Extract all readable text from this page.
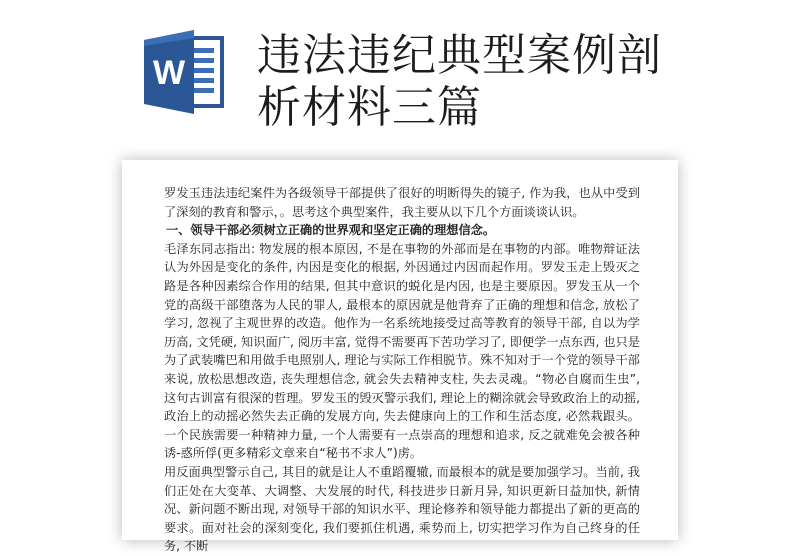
W 违法违纪典型案例剖析材料三篇

罗发玉违法违纪案件为各级领导干部提供了很好的明断得失的镜子, 作为我，也从中受到了深刻的教育和警示，。思考这个典型案件，我主要从以下几个方面谈谈认识。

一、领导干部必须树立正确的世界观和坚定正确的理想信念。

毛泽东同志指出: 物发展的根本原因, 不是在事物的外部而是在事物的内部。唯物辩证法认为外因是变化的条件, 内因是变化的根据, 外因通过内因而起作用。罗发玉走上毁灭之路是各种因素综合作用的结果, 但其中意识的蜕化是内因, 也是主要原因。罗发玉从一个党的高级干部堕落为人民的罪人, 最根本的原因就是他背弃了正确的理想和信念, 放松了学习, 忽视了主观世界的改造。他作为一名系统地接受过高等教育的领导干部, 自以为学历高, 文凭硬, 知识面广, 阅历丰富, 觉得不需要再下苦功学习了, 即便学一点东西, 也只是为了武装嘴巴和用做手电照别人, 理论与实际工作相脱节。殊不知对于一个党的领导干部来说, 放松思想改造, 丧失理想信念, 就会失去精神支柱, 失去灵魂。“物必自腐而生虫”, 这句古训富有很深的哲理。罗发玉的毁灭警示我们, 理论上的糊涂就会导致政治上的动摇, 政治上的动摇必然失去正确的发展方向, 失去健康向上的工作和生活态度, 必然栽跟头。一个民族需要一种精神力量, 一个人需要有一点崇高的理想和追求, 反之就难免会被各种诱-惑所俘(更多精彩文章来自“秘书不求人”)虏。

用反面典型警示自己, 其目的就是让人不重蹈覆辙, 而最根本的就是要加强学习。当前, 我们正处在大变革、大调整、大发展的时代, 科技进步日新月异, 知识更新日益加快, 新情况、新问题不断出现, 对领导干部的知识水平、理论修养和领导能力都提出了新的更高的要求。面对社会的深刻变化, 我们要抓住机遇, 乘势而上, 切实把学习作为自己终身的任务, 不断
